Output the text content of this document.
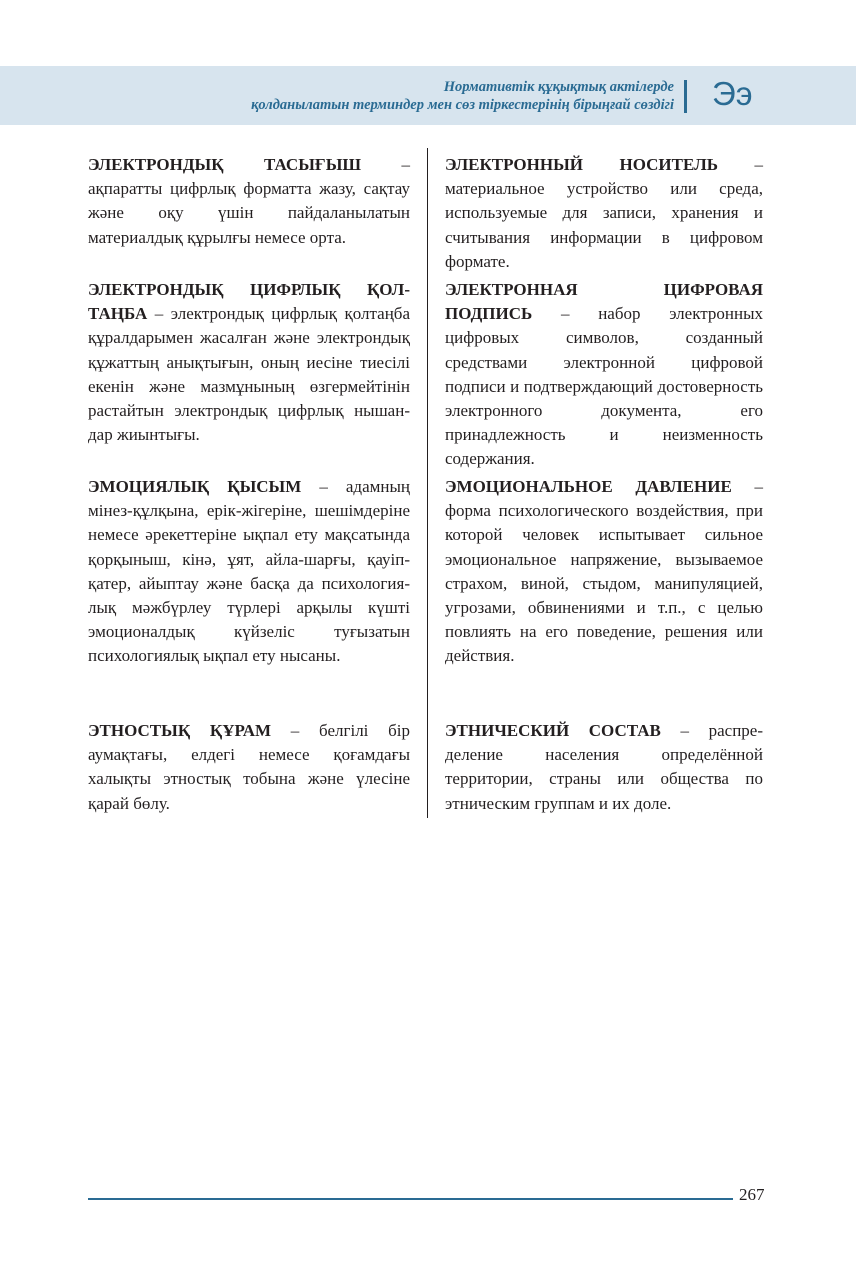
Нормативтік құқықтық актілерде
қолданылатын терминдер мен сөз тіркестерінің бірыңғай сөздігі Ээ
ЭЛЕКТРОНДЫҚ ТАСЫҒЫШ – ақпаратты цифрлық форматта жазу, сақтау және оқу үшін пайдаланылатын материалдық құрылғы немесе орта.
ЭЛЕКТРОНДЫҚ ЦИФРЛЫҚ ҚОЛТАҢБА – электрондық цифрлық қолтаңба құралдарымен жасалған және электрондық құжаттың анықтығын, оның иесіне тиесілі екенін және мазмұнының өзгермейтінін растайтын электрондық цифрлық нышандар жиынтығы.
ЭМОЦИЯЛЫҚ ҚЫСЫМ – адамның мінез-құлқына, ерік-жігеріне, шешімдеріне немесе әрекеттеріне ықпал ету мақсатында қорқыныш, кінә, ұят, айла-шарғы, қауіп-қатер, айыптау және басқа да психологиялық мәжбүрлеу түрлері арқылы күшті эмоционалдық күйзеліс туғызатын психологиялық ықпал ету нысаны.
ЭТНОСТЫҚ ҚҰРАМ – белгілі бір аумақтағы, елдегі немесе қоғамдағы халықты этностық тобына және үлесіне қарай бөлу.
ЭЛЕКТРОННЫЙ НОСИТЕЛЬ – материальное устройство или среда, используемые для записи, хранения и считывания информации в цифровом формате.
ЭЛЕКТРОННАЯ ЦИФРОВАЯ ПОДПИСЬ – набор электронных цифровых символов, созданный средствами электронной цифровой подписи и подтверждающий достоверность электронного документа, его принадлежность и неизменность содержания.
ЭМОЦИОНАЛЬНОЕ ДАВЛЕНИЕ – форма психологического воздействия, при которой человек испытывает сильное эмоциональное напряжение, вызываемое страхом, виной, стыдом, манипуляцией, угрозами, обвинениями и т.п., с целью повлиять на его поведение, решения или действия.
ЭТНИЧЕСКИЙ СОСТАВ – распределение населения определённой территории, страны или общества по этническим группам и их доле.
267
